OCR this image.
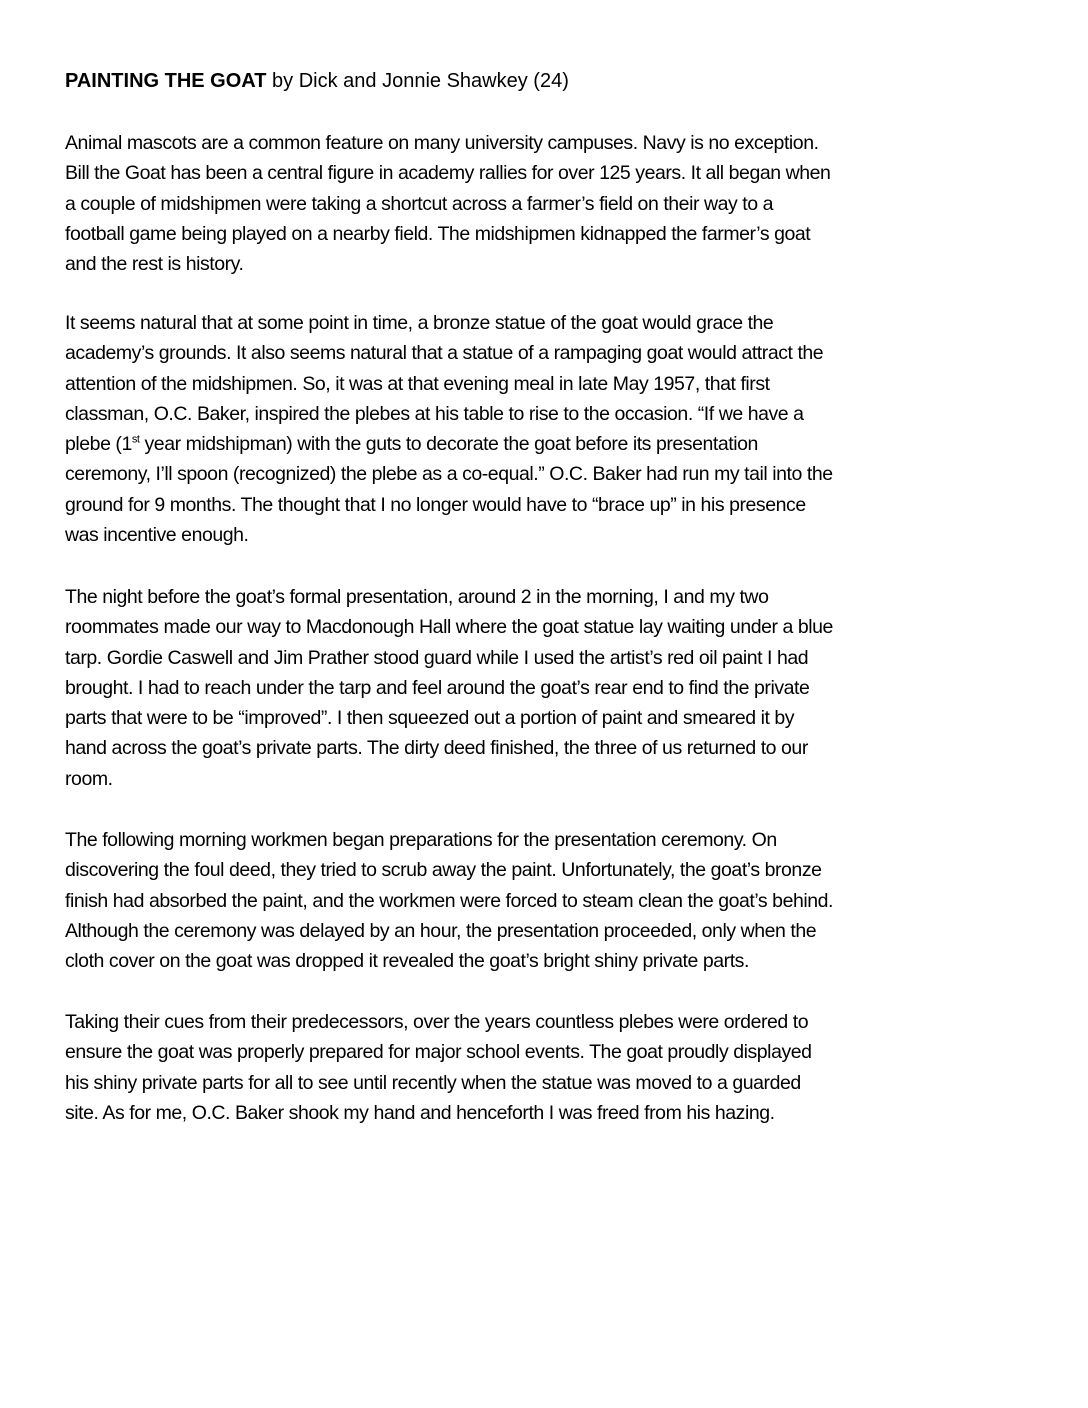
PAINTING THE GOAT by Dick and Jonnie Shawkey (24)
Animal mascots are a common feature on many university campuses. Navy is no exception.
Bill the Goat has been a central figure in academy rallies for over 125 years. It all began when
a couple of midshipmen were taking a shortcut across a farmer’s field on their way to a
football game being played on a nearby field. The midshipmen kidnapped the farmer’s goat
and the rest is history.
It seems natural that at some point in time, a bronze statue of the goat would grace the
academy’s grounds. It also seems natural that a statue of a rampaging goat would attract the
attention of the midshipmen. So, it was at that evening meal in late May 1957, that first
classman, O.C. Baker, inspired the plebes at his table to rise to the occasion. “If we have a
plebe (1st year midshipman) with the guts to decorate the goat before its presentation
ceremony, I’ll spoon (recognized) the plebe as a co-equal.” O.C. Baker had run my tail into the
ground for 9 months. The thought that I no longer would have to “brace up” in his presence
was incentive enough.
The night before the goat’s formal presentation, around 2 in the morning, I and my two
roommates made our way to Macdonough Hall where the goat statue lay waiting under a blue
tarp. Gordie Caswell and Jim Prather stood guard while I used the artist’s red oil paint I had
brought. I had to reach under the tarp and feel around the goat’s rear end to find the private
parts that were to be “improved”. I then squeezed out a portion of paint and smeared it by
hand across the goat’s private parts. The dirty deed finished, the three of us returned to our
room.
The following morning workmen began preparations for the presentation ceremony. On
discovering the foul deed, they tried to scrub away the paint. Unfortunately, the goat’s bronze
finish had absorbed the paint, and the workmen were forced to steam clean the goat’s behind.
Although the ceremony was delayed by an hour, the presentation proceeded, only when the
cloth cover on the goat was dropped it revealed the goat’s bright shiny private parts.
Taking their cues from their predecessors, over the years countless plebes were ordered to
ensure the goat was properly prepared for major school events. The goat proudly displayed
his shiny private parts for all to see until recently when the statue was moved to a guarded
site. As for me, O.C. Baker shook my hand and henceforth I was freed from his hazing.
